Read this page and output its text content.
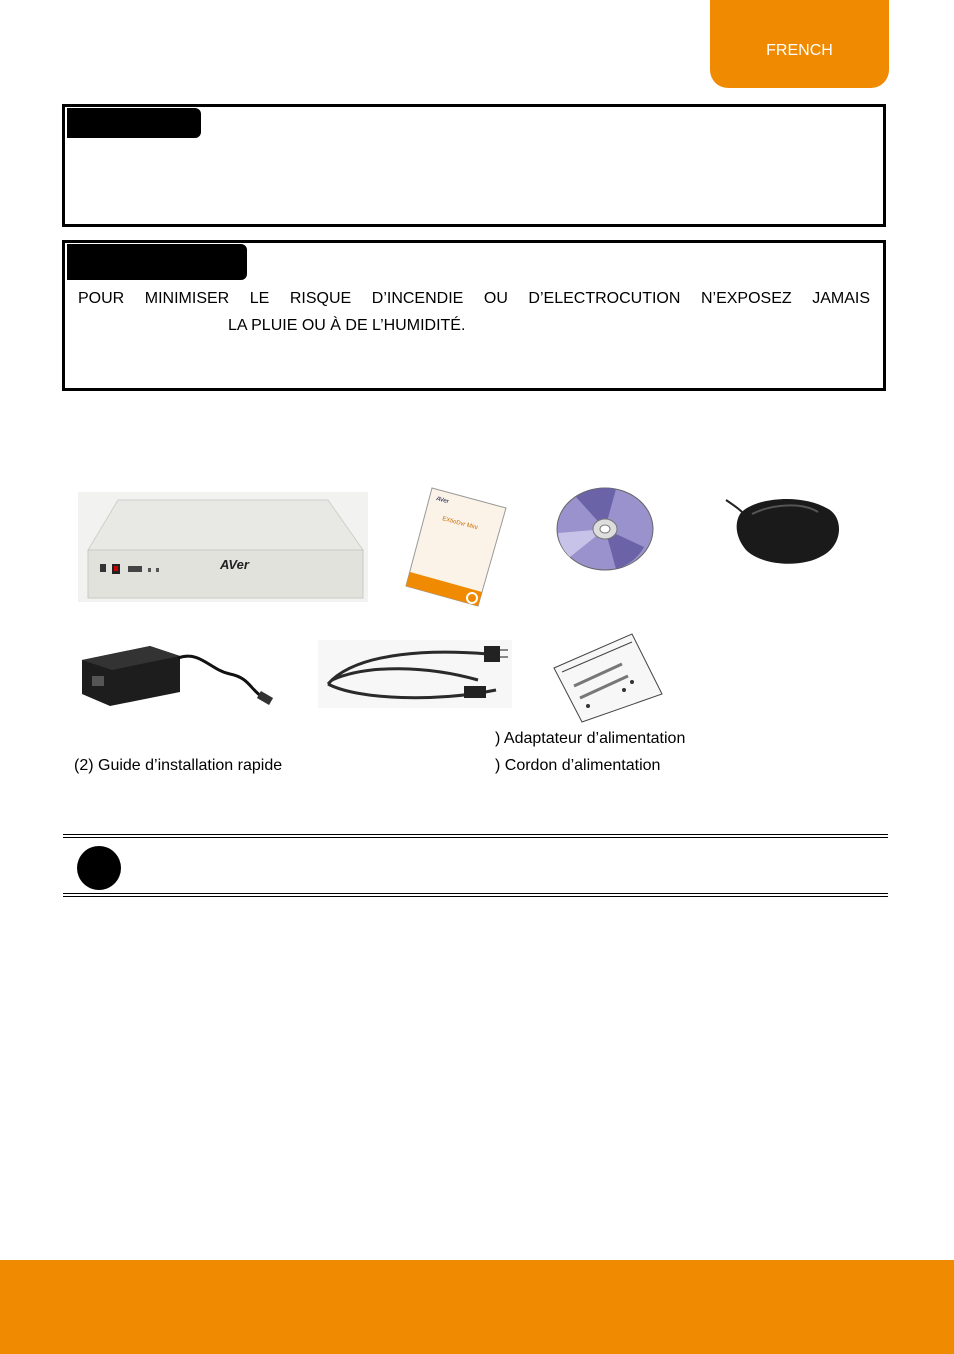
FRENCH
POUR MINIMISER LE RISQUE D’INCENDIE OU D’ELECTROCUTION N’EXPOSEZ JAMAIS
LA PLUIE OU À DE L’HUMIDITÉ.
AVer
AVer
EXtioDvr Mini
) Adaptateur d’alimentation
(2) Guide d’installation rapide	) Cordon d’alimentation
